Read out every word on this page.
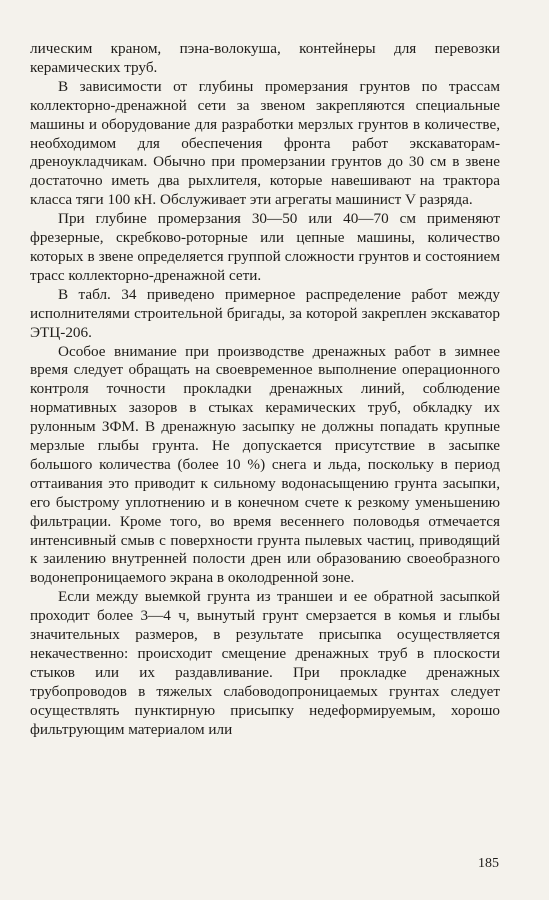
лическим краном, пэна-волокуша, контейнеры для перевозки керамических труб.

В зависимости от глубины промерзания грунтов по трассам коллекторно-дренажной сети за звеном закрепляются специальные машины и оборудование для разработки мерзлых грунтов в количестве, необходимом для обеспечения фронта работ экскаваторам-дреноукладчикам. Обычно при промерзании грунтов до 30 см в звене достаточно иметь два рыхлителя, которые навешивают на трактора класса тяги 100 кН. Обслуживает эти агрегаты машинист V разряда.

При глубине промерзания 30—50 или 40—70 см применяют фрезерные, скребково-роторные или цепные машины, количество которых в звене определяется группой сложности грунтов и состоянием трасс коллекторно-дренажной сети.

В табл. 34 приведено примерное распределение работ между исполнителями строительной бригады, за которой закреплен экскаватор ЭТЦ-206.

Особое внимание при производстве дренажных работ в зимнее время следует обращать на своевременное выполнение операционного контроля точности прокладки дренажных линий, соблюдение нормативных зазоров в стыках керамических труб, обкладку их рулонным ЗФМ. В дренажную засыпку не должны попадать крупные мерзлые глыбы грунта. Не допускается присутствие в засыпке большого количества (более 10 %) снега и льда, поскольку в период оттаивания это приводит к сильному водонасыщению грунта засыпки, его быстрому уплотнению и в конечном счете к резкому уменьшению фильтрации. Кроме того, во время весеннего половодья отмечается интенсивный смыв с поверхности грунта пылевых частиц, приводящий к заилению внутренней полости дрен или образованию своеобразного водонепроницаемого экрана в околодренной зоне.

Если между выемкой грунта из траншеи и ее обратной засыпкой проходит более 3—4 ч, вынутый грунт смерзается в комья и глыбы значительных размеров, в результате присыпка осуществляется некачественно: происходит смещение дренажных труб в плоскости стыков или их раздавливание. При прокладке дренажных трубопроводов в тяжелых слабоводопроницаемых грунтах следует осуществлять пунктирную присыпку недеформируемым, хорошо фильтрующим материалом или

185
